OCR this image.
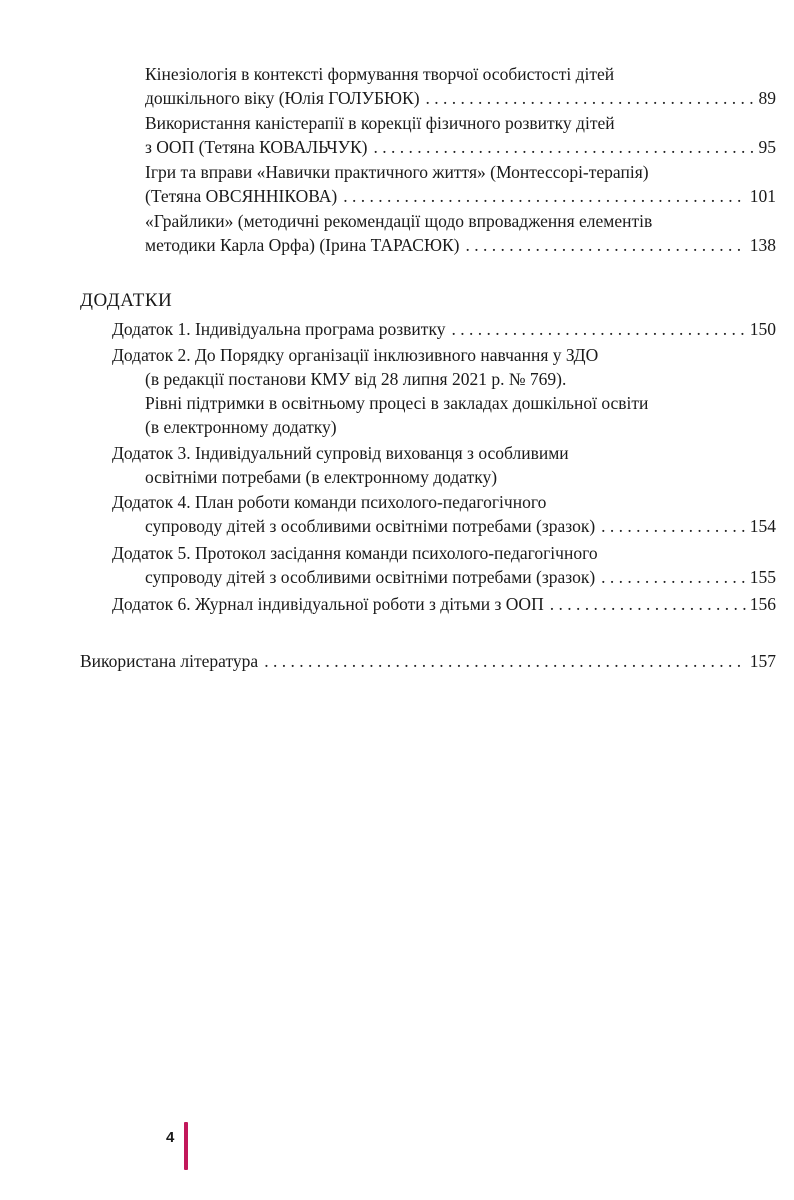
Кінезіологія в контексті формування творчої особистості дітей
дошкільного віку (Юлія ГОЛУБЮК) . . .	89
Використання каністерапії в корекції фізичного розвитку дітей
з ООП (Тетяна КОВАЛЬЧУК) . . .	95
Ігри та вправи «Навички практичного життя» (Монтессорі-терапія)
(Тетяна ОВСЯННІКОВА) . . .	101
«Грайлики» (методичні рекомендації щодо впровадження елементів
методики Карла Орфа) (Ірина ТАРАСЮК) . . .	138
ДОДАТКИ
Додаток 1. Індивідуальна програма розвитку . . .	150
Додаток 2. До Порядку організації інклюзивного навчання у ЗДО
(в редакції постанови КМУ від 28 липня 2021 р. № 769).
Рівні підтримки в освітньому процесі в закладах дошкільної освіти
(в електронному додатку)
Додаток 3. Індивідуальний супровід вихованця з особливими
освітніми потребами (в електронному додатку)
Додаток 4. План роботи команди психолого-педагогічного
супроводу дітей з особливими освітніми потребами (зразок) . . .	154
Додаток 5. Протокол засідання команди психолого-педагогічного
супроводу дітей з особливими освітніми потребами (зразок) . . .	155
Додаток 6. Журнал індивідуальної роботи з дітьми з ООП . . .	156
Використана література . . .	157
4
